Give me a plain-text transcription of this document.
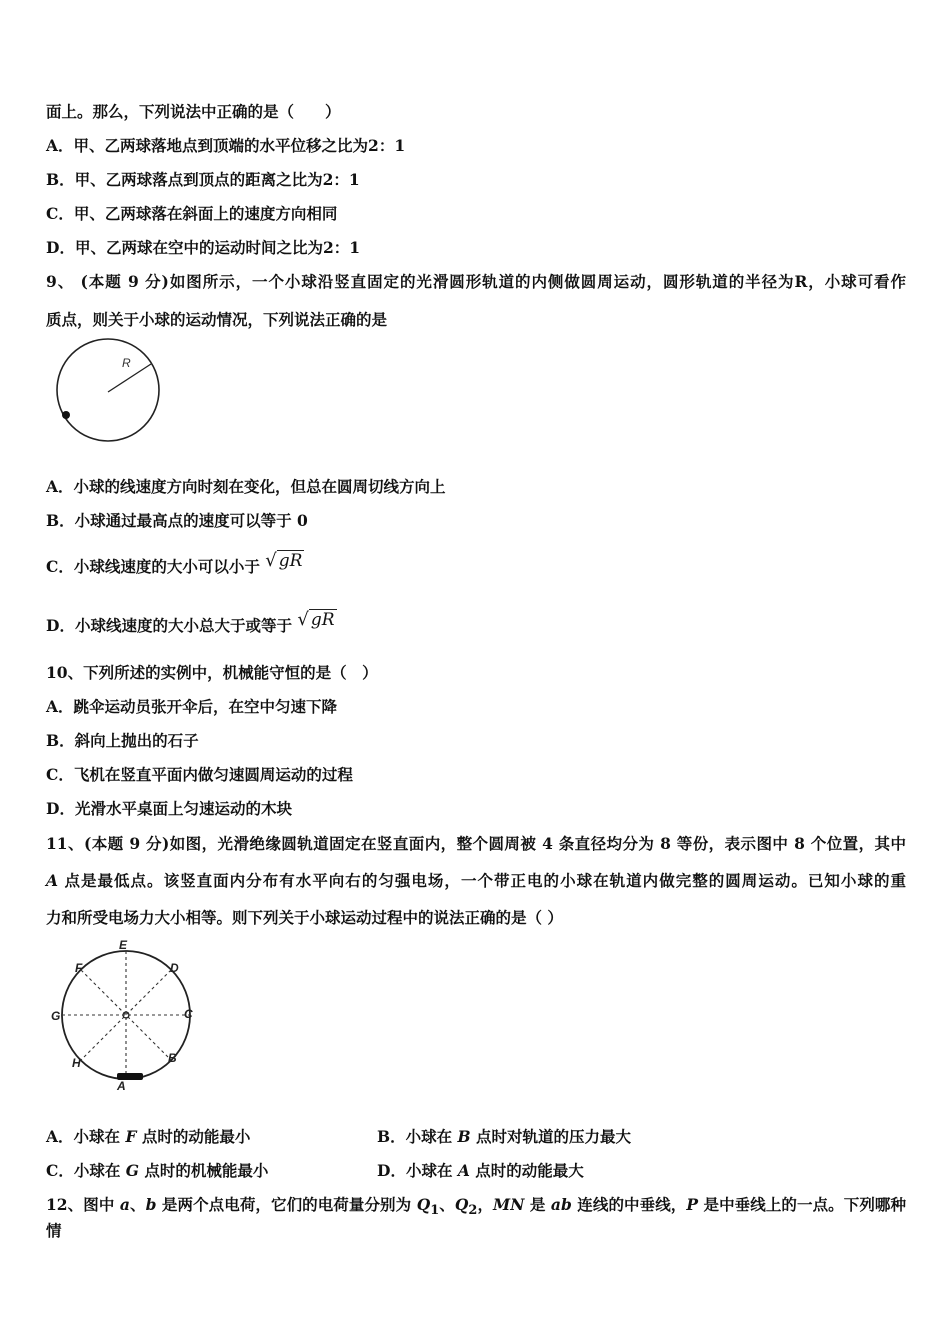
面上。那么，下列说法中正确的是（　　）
A．甲、乙两球落地点到顶端的水平位移之比为2：1
B．甲、乙两球落点到顶点的距离之比为2：1
C．甲、乙两球落在斜面上的速度方向相同
D．甲、乙两球在空中的运动时间之比为2：1
9、 (本题 9 分)如图所示，一个小球沿竖直固定的光滑圆形轨道的内侧做圆周运动，圆形轨道的半径为R，小球可看作
质点，则关于小球的运动情况，下列说法正确的是
R
A．小球的线速度方向时刻在变化，但总在圆周切线方向上
B．小球通过最高点的速度可以等于 0
C．小球线速度的大小可以小于 √ gR
D．小球线速度的大小总大于或等于 √ gR
10、下列所述的实例中，机械能守恒的是（　）
A．跳伞运动员张开伞后，在空中匀速下降
B．斜向上抛出的石子
C．飞机在竖直平面内做匀速圆周运动的过程
D．光滑水平桌面上匀速运动的木块
11、(本题 9 分)如图，光滑绝缘圆轨道固定在竖直面内，整个圆周被 4 条直径均分为 8 等份，表示图中 8 个位置，其中
A 点是最低点。该竖直面内分布有水平向右的匀强电场，一个带正电的小球在轨道内做完整的圆周运动。已知小球的重
力和所受电场力大小相等。则下列关于小球运动过程中的说法正确的是（ ）
E
D
F
G	C
H	B
A
A．小球在 F 点时的动能最小	B．小球在 B 点时对轨道的压力最大
C．小球在 G 点时的机械能最小	D．小球在 A 点时的动能最大
12、图中 a、b 是两个点电荷，它们的电荷量分别为 $Q_1$、$Q_2$，MN 是 ab 连线的中垂线，P 是中垂线上的一点。下列哪种情
